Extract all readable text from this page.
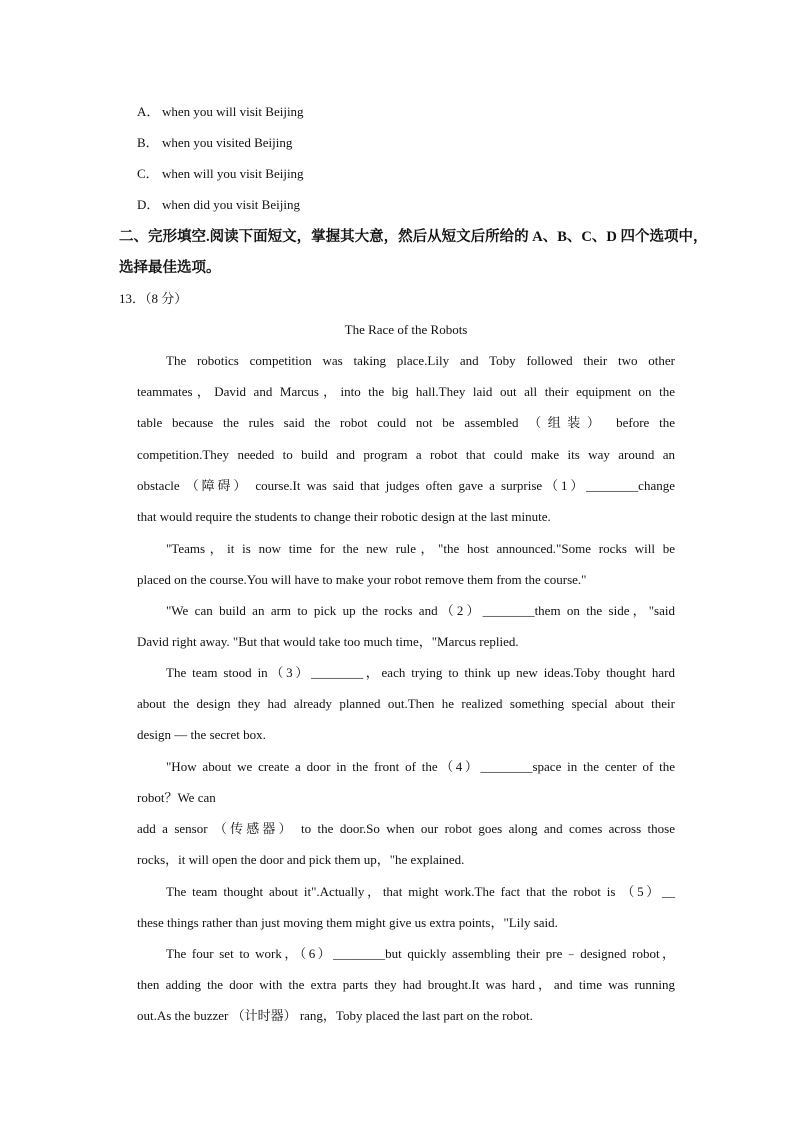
A． when you will visit Beijing
B． when you visited Beijing
C． when will you visit Beijing
D． when did you visit Beijing
二、完形填空.阅读下面短文，掌握其大意，然后从短文后所给的 A、B、C、D 四个选项中，
选择最佳选项。
13．（8 分）
The Race of the Robots
The robotics competition was taking place.Lily and Toby followed their two other
teammates，David and Marcus，into the big hall.They laid out all their equipment on the
table because the rules said the robot could not be assembled （组装） before the
competition.They needed to build and program a robot that could make its way around an
obstacle （障碍） course.It was said that judges often gave a surprise（1）________change
that would require the students to change their robotic design at the last minute.
"Teams，it is now time for the new rule，"the host announced."Some rocks will be
placed on the course.You will have to make your robot remove them from the course."
"We can build an arm to pick up the rocks and（2）________them on the side，"said
David right away. "But that would take too much time，"Marcus replied.
The team stood in（3）________，each trying to think up new ideas.Toby thought hard
about the design they had already planned out.Then he realized something special about their
design — the secret box.
"How about we create a door in the front of the（4）________space in the center of the
robot？We can
add a sensor （传感器） to the door.So when our robot goes along and comes across those
rocks，it will open the door and pick them up，"he explained.
The team thought about it".Actually，that might work.The fact that the robot is （5）__
these things rather than just moving them might give us extra points，"Lily said.
The four set to work，（6）________but quickly assembling their pre﹣designed robot，
then adding the door with the extra parts they had brought.It was hard，and time was running
out.As the buzzer （计时器） rang，Toby placed the last part on the robot.
